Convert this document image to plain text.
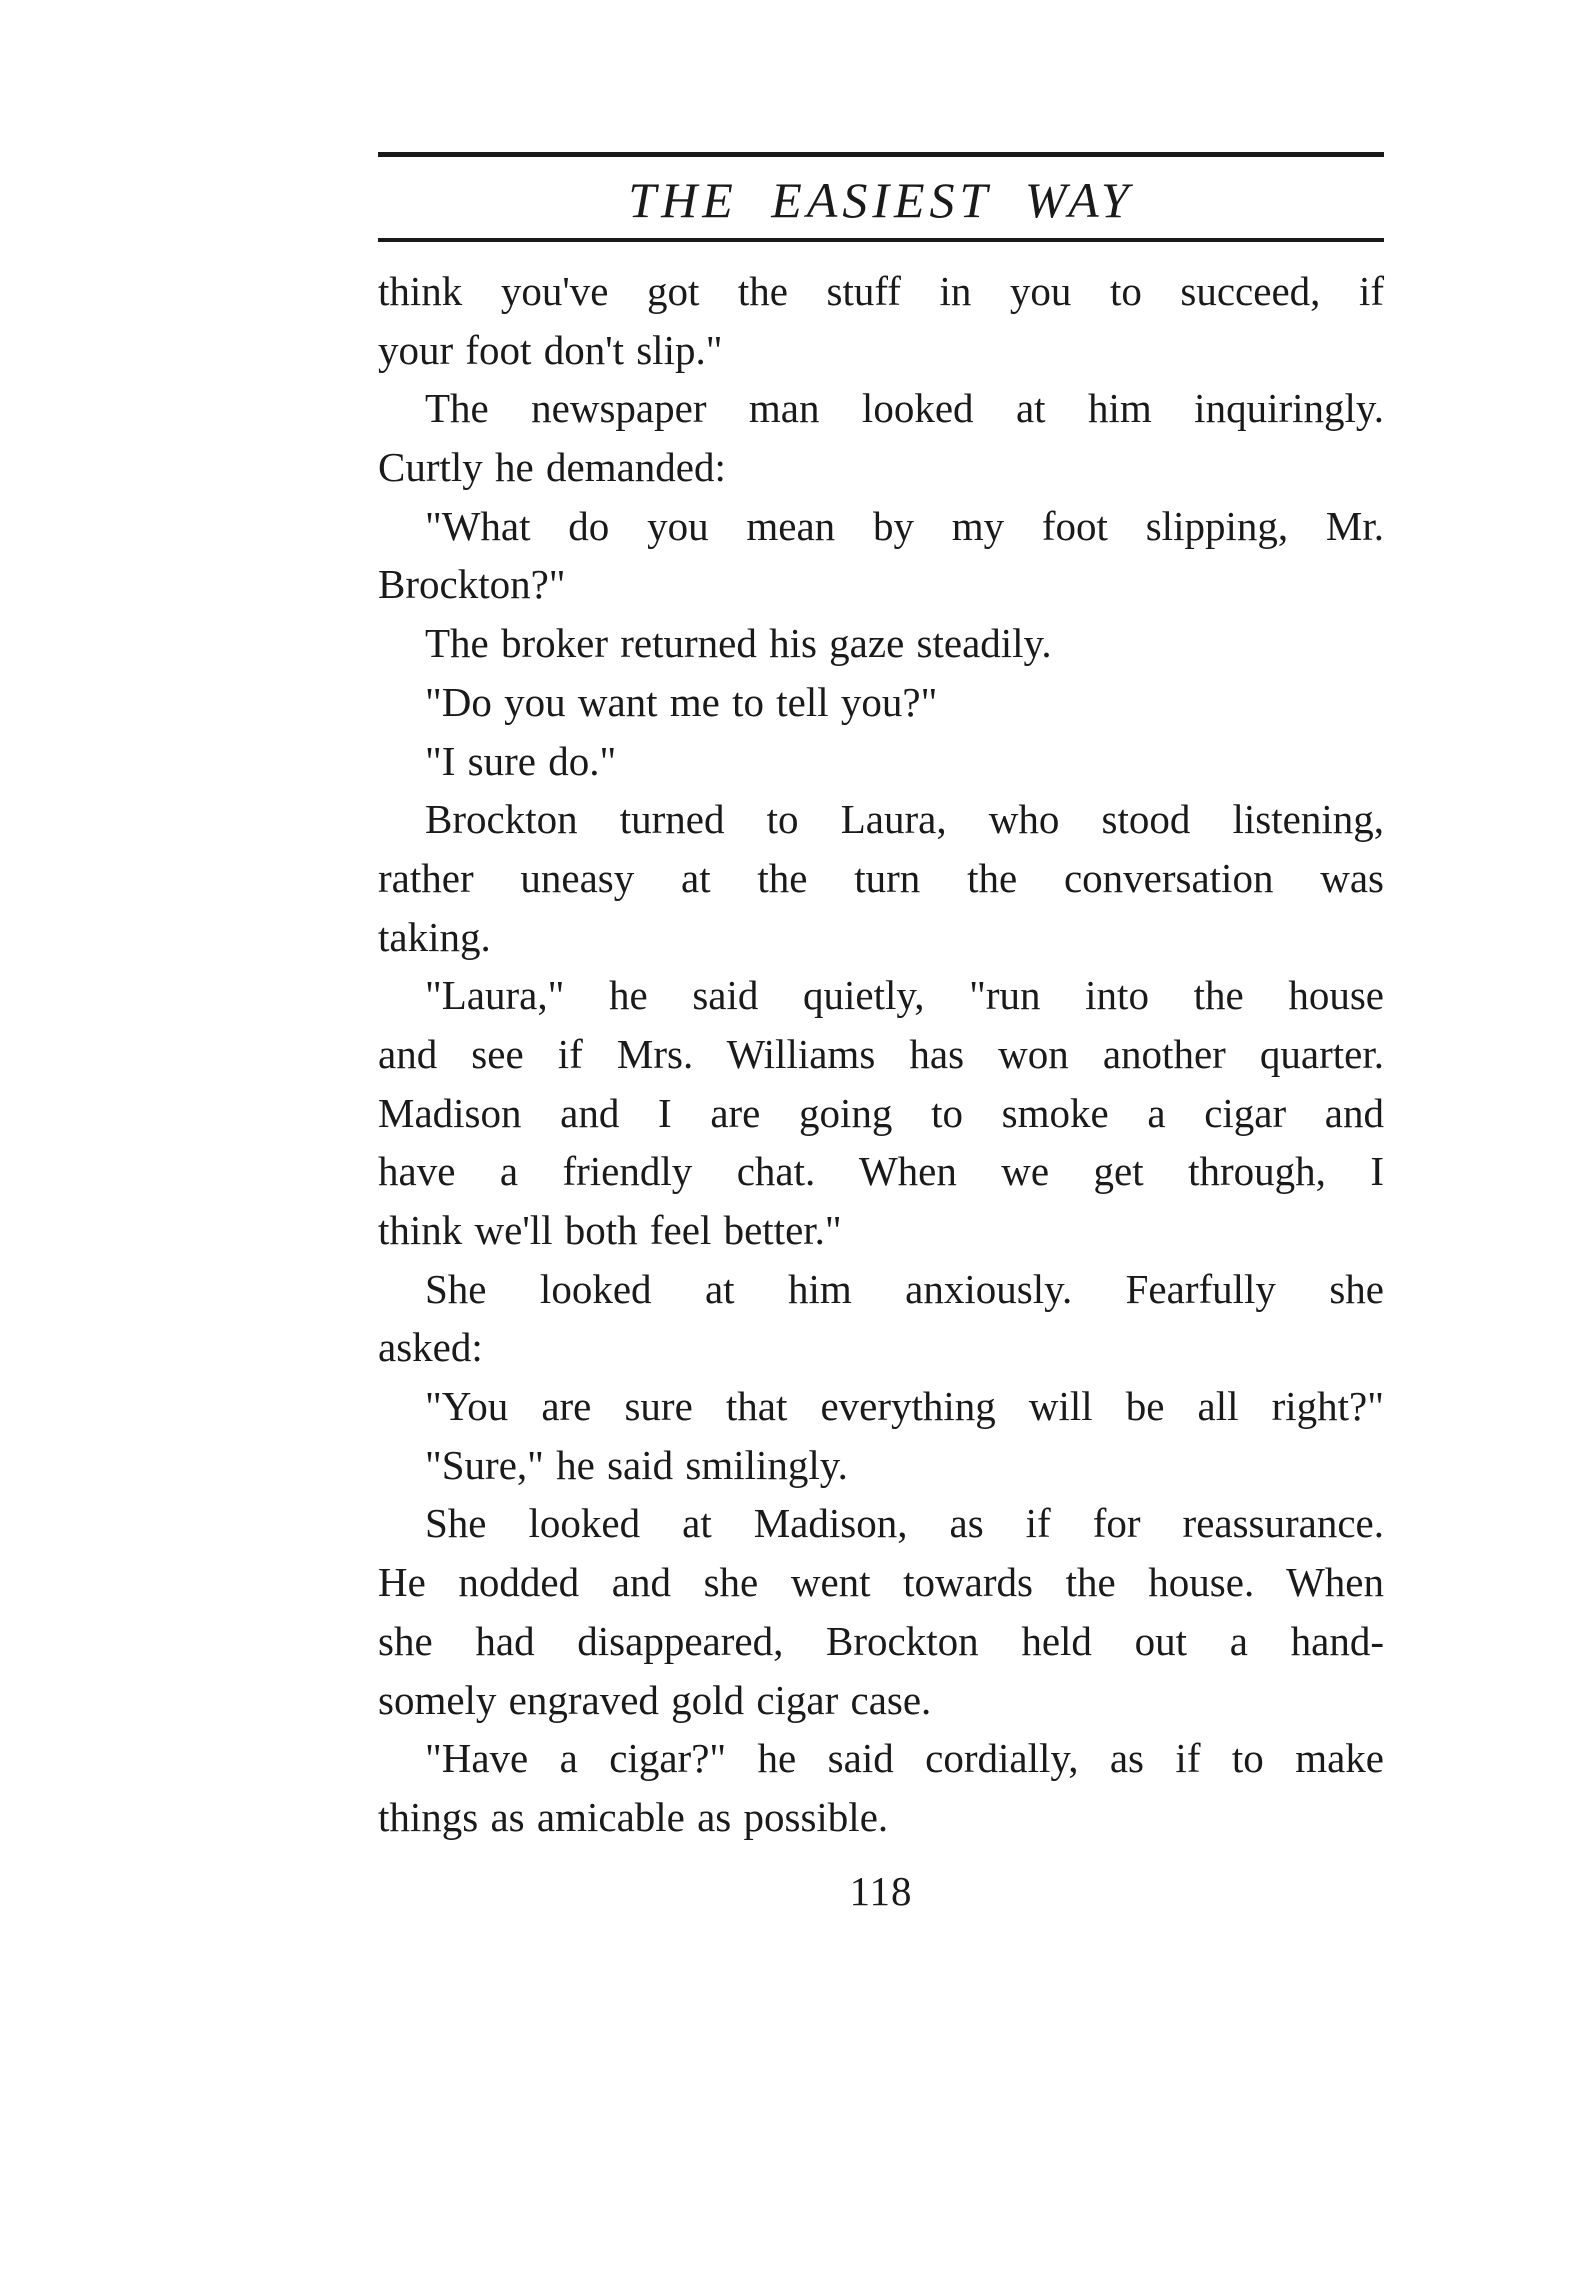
THE EASIEST WAY
think you've got the stuff in you to succeed, if
your foot don't slip."
The newspaper man looked at him inquiringly.
Curtly he demanded:
"What do you mean by my foot slipping, Mr.
Brockton?"
The broker returned his gaze steadily.
"Do you want me to tell you?"
"I sure do."
Brockton turned to Laura, who stood listening,
rather uneasy at the turn the conversation was
taking.
"Laura," he said quietly, "run into the house
and see if Mrs. Williams has won another quarter.
Madison and I are going to smoke a cigar and
have a friendly chat. When we get through, I
think we'll both feel better."
She looked at him anxiously. Fearfully she
asked:
"You are sure that everything will be all right?"
"Sure," he said smilingly.
She looked at Madison, as if for reassurance.
He nodded and she went towards the house. When
she had disappeared, Brockton held out a hand-
somely engraved gold cigar case.
"Have a cigar?" he said cordially, as if to make
things as amicable as possible.
118
